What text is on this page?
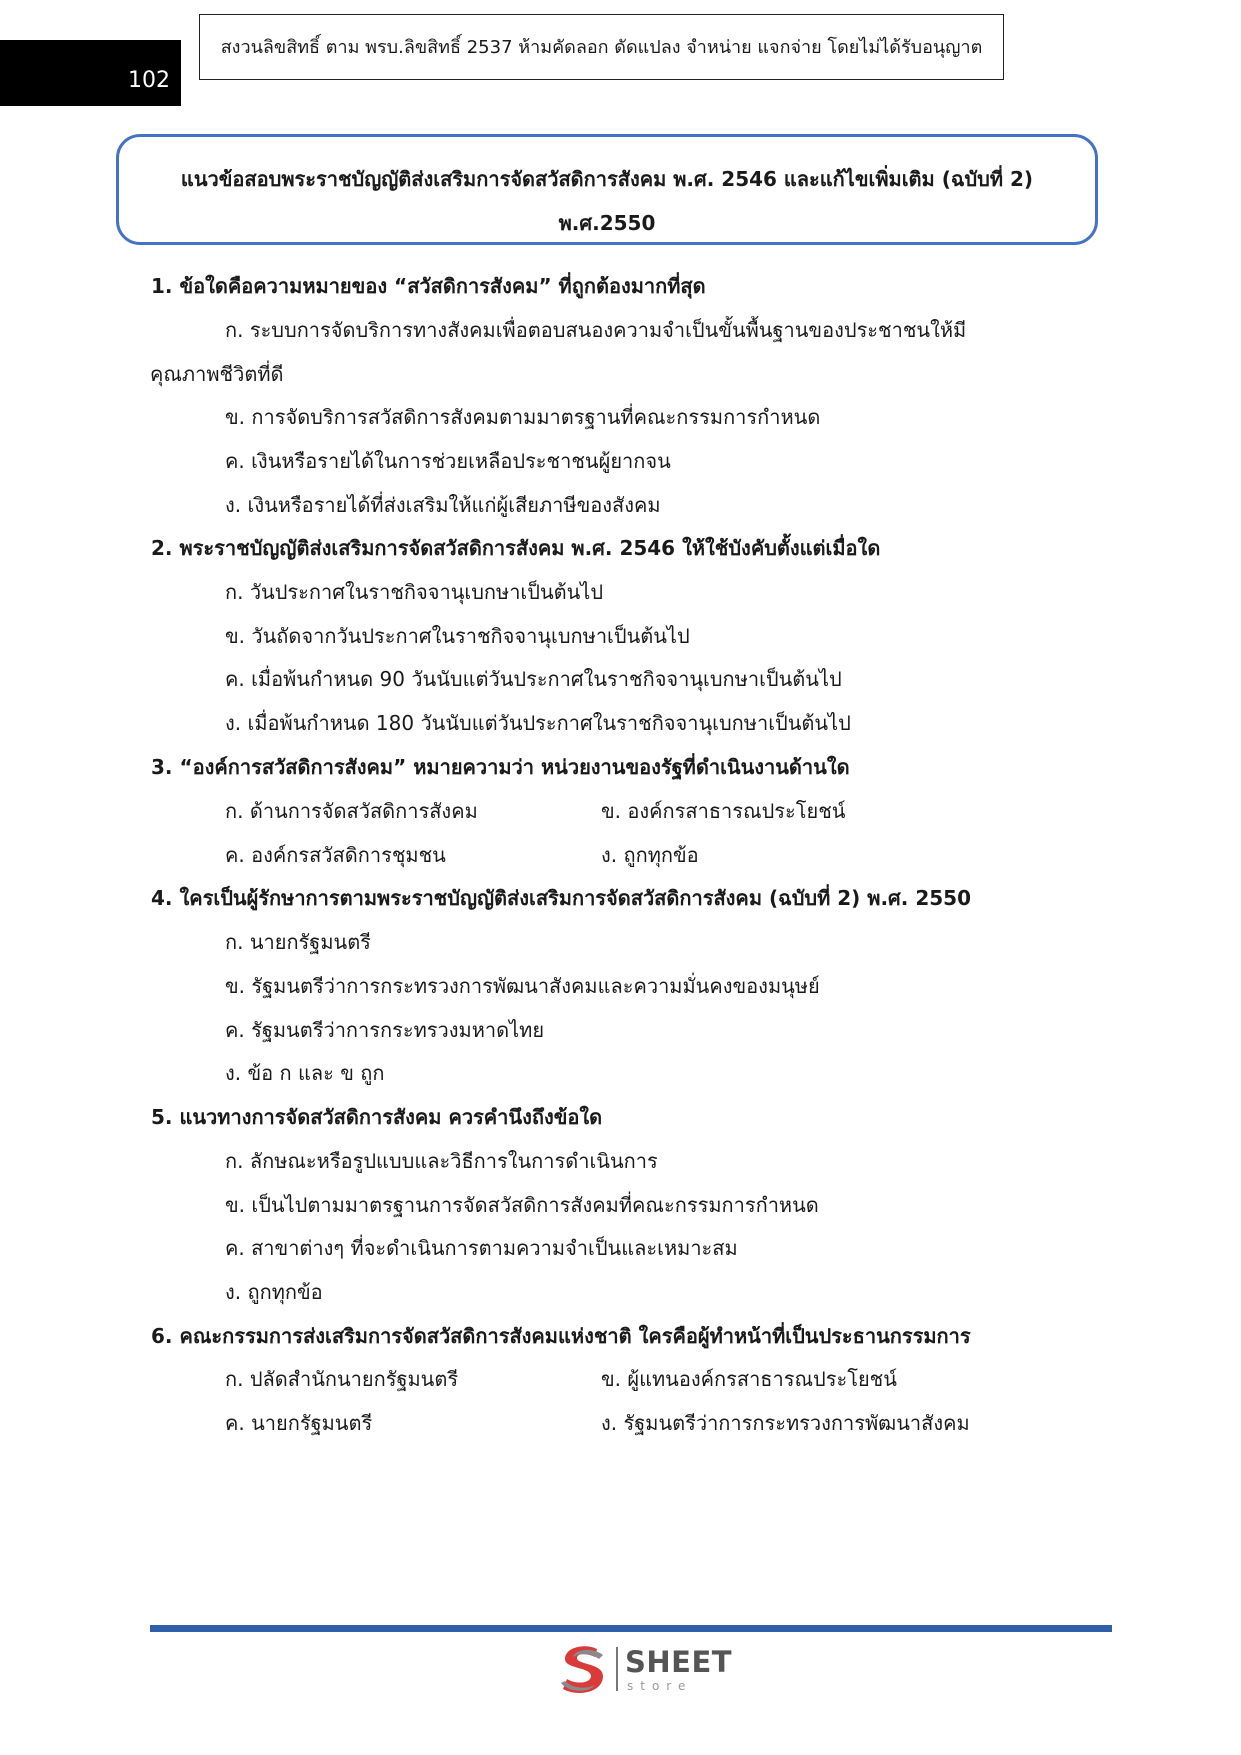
102
สงวนลิขสิทธิ์ ตาม พรบ.ลิขสิทธิ์ 2537 ห้ามคัดลอก ดัดแปลง จำหน่าย แจกจ่าย โดยไม่ได้รับอนุญาต
แนวข้อสอบพระราชบัญญัติส่งเสริมการจัดสวัสดิการสังคม พ.ศ. 2546 และแก้ไขเพิ่มเติม (ฉบับที่ 2)
พ.ศ.2550
1. ข้อใดคือความหมายของ “สวัสดิการสังคม” ที่ถูกต้องมากที่สุด
ก. ระบบการจัดบริการทางสังคมเพื่อตอบสนองความจำเป็นขั้นพื้นฐานของประชาชนให้มี
คุณภาพชีวิตที่ดี
ข. การจัดบริการสวัสดิการสังคมตามมาตรฐานที่คณะกรรมการกำหนด
ค. เงินหรือรายได้ในการช่วยเหลือประชาชนผู้ยากจน
ง. เงินหรือรายได้ที่ส่งเสริมให้แก่ผู้เสียภาษีของสังคม
2. พระราชบัญญัติส่งเสริมการจัดสวัสดิการสังคม พ.ศ. 2546 ให้ใช้บังคับตั้งแต่เมื่อใด
ก. วันประกาศในราชกิจจานุเบกษาเป็นต้นไป
ข. วันถัดจากวันประกาศในราชกิจจานุเบกษาเป็นต้นไป
ค. เมื่อพ้นกำหนด 90 วันนับแต่วันประกาศในราชกิจจานุเบกษาเป็นต้นไป
ง. เมื่อพ้นกำหนด 180 วันนับแต่วันประกาศในราชกิจจานุเบกษาเป็นต้นไป
3. “องค์การสวัสดิการสังคม” หมายความว่า หน่วยงานของรัฐที่ดำเนินงานด้านใด
ก. ด้านการจัดสวัสดิการสังคม	ข. องค์กรสาธารณประโยชน์
ค. องค์กรสวัสดิการชุมชน	ง. ถูกทุกข้อ
4. ใครเป็นผู้รักษาการตามพระราชบัญญัติส่งเสริมการจัดสวัสดิการสังคม (ฉบับที่ 2) พ.ศ. 2550
ก. นายกรัฐมนตรี
ข. รัฐมนตรีว่าการกระทรวงการพัฒนาสังคมและความมั่นคงของมนุษย์
ค. รัฐมนตรีว่าการกระทรวงมหาดไทย
ง. ข้อ ก และ ข ถูก
5. แนวทางการจัดสวัสดิการสังคม ควรคำนึงถึงข้อใด
ก. ลักษณะหรือรูปแบบและวิธีการในการดำเนินการ
ข. เป็นไปตามมาตรฐานการจัดสวัสดิการสังคมที่คณะกรรมการกำหนด
ค. สาขาต่างๆ ที่จะดำเนินการตามความจำเป็นและเหมาะสม
ง. ถูกทุกข้อ
6. คณะกรรมการส่งเสริมการจัดสวัสดิการสังคมแห่งชาติ ใครคือผู้ทำหน้าที่เป็นประธานกรรมการ
ก. ปลัดสำนักนายกรัฐมนตรี	ข. ผู้แทนองค์กรสาธารณประโยชน์
ค. นายกรัฐมนตรี	ง. รัฐมนตรีว่าการกระทรวงการพัฒนาสังคม
SHEET
store
